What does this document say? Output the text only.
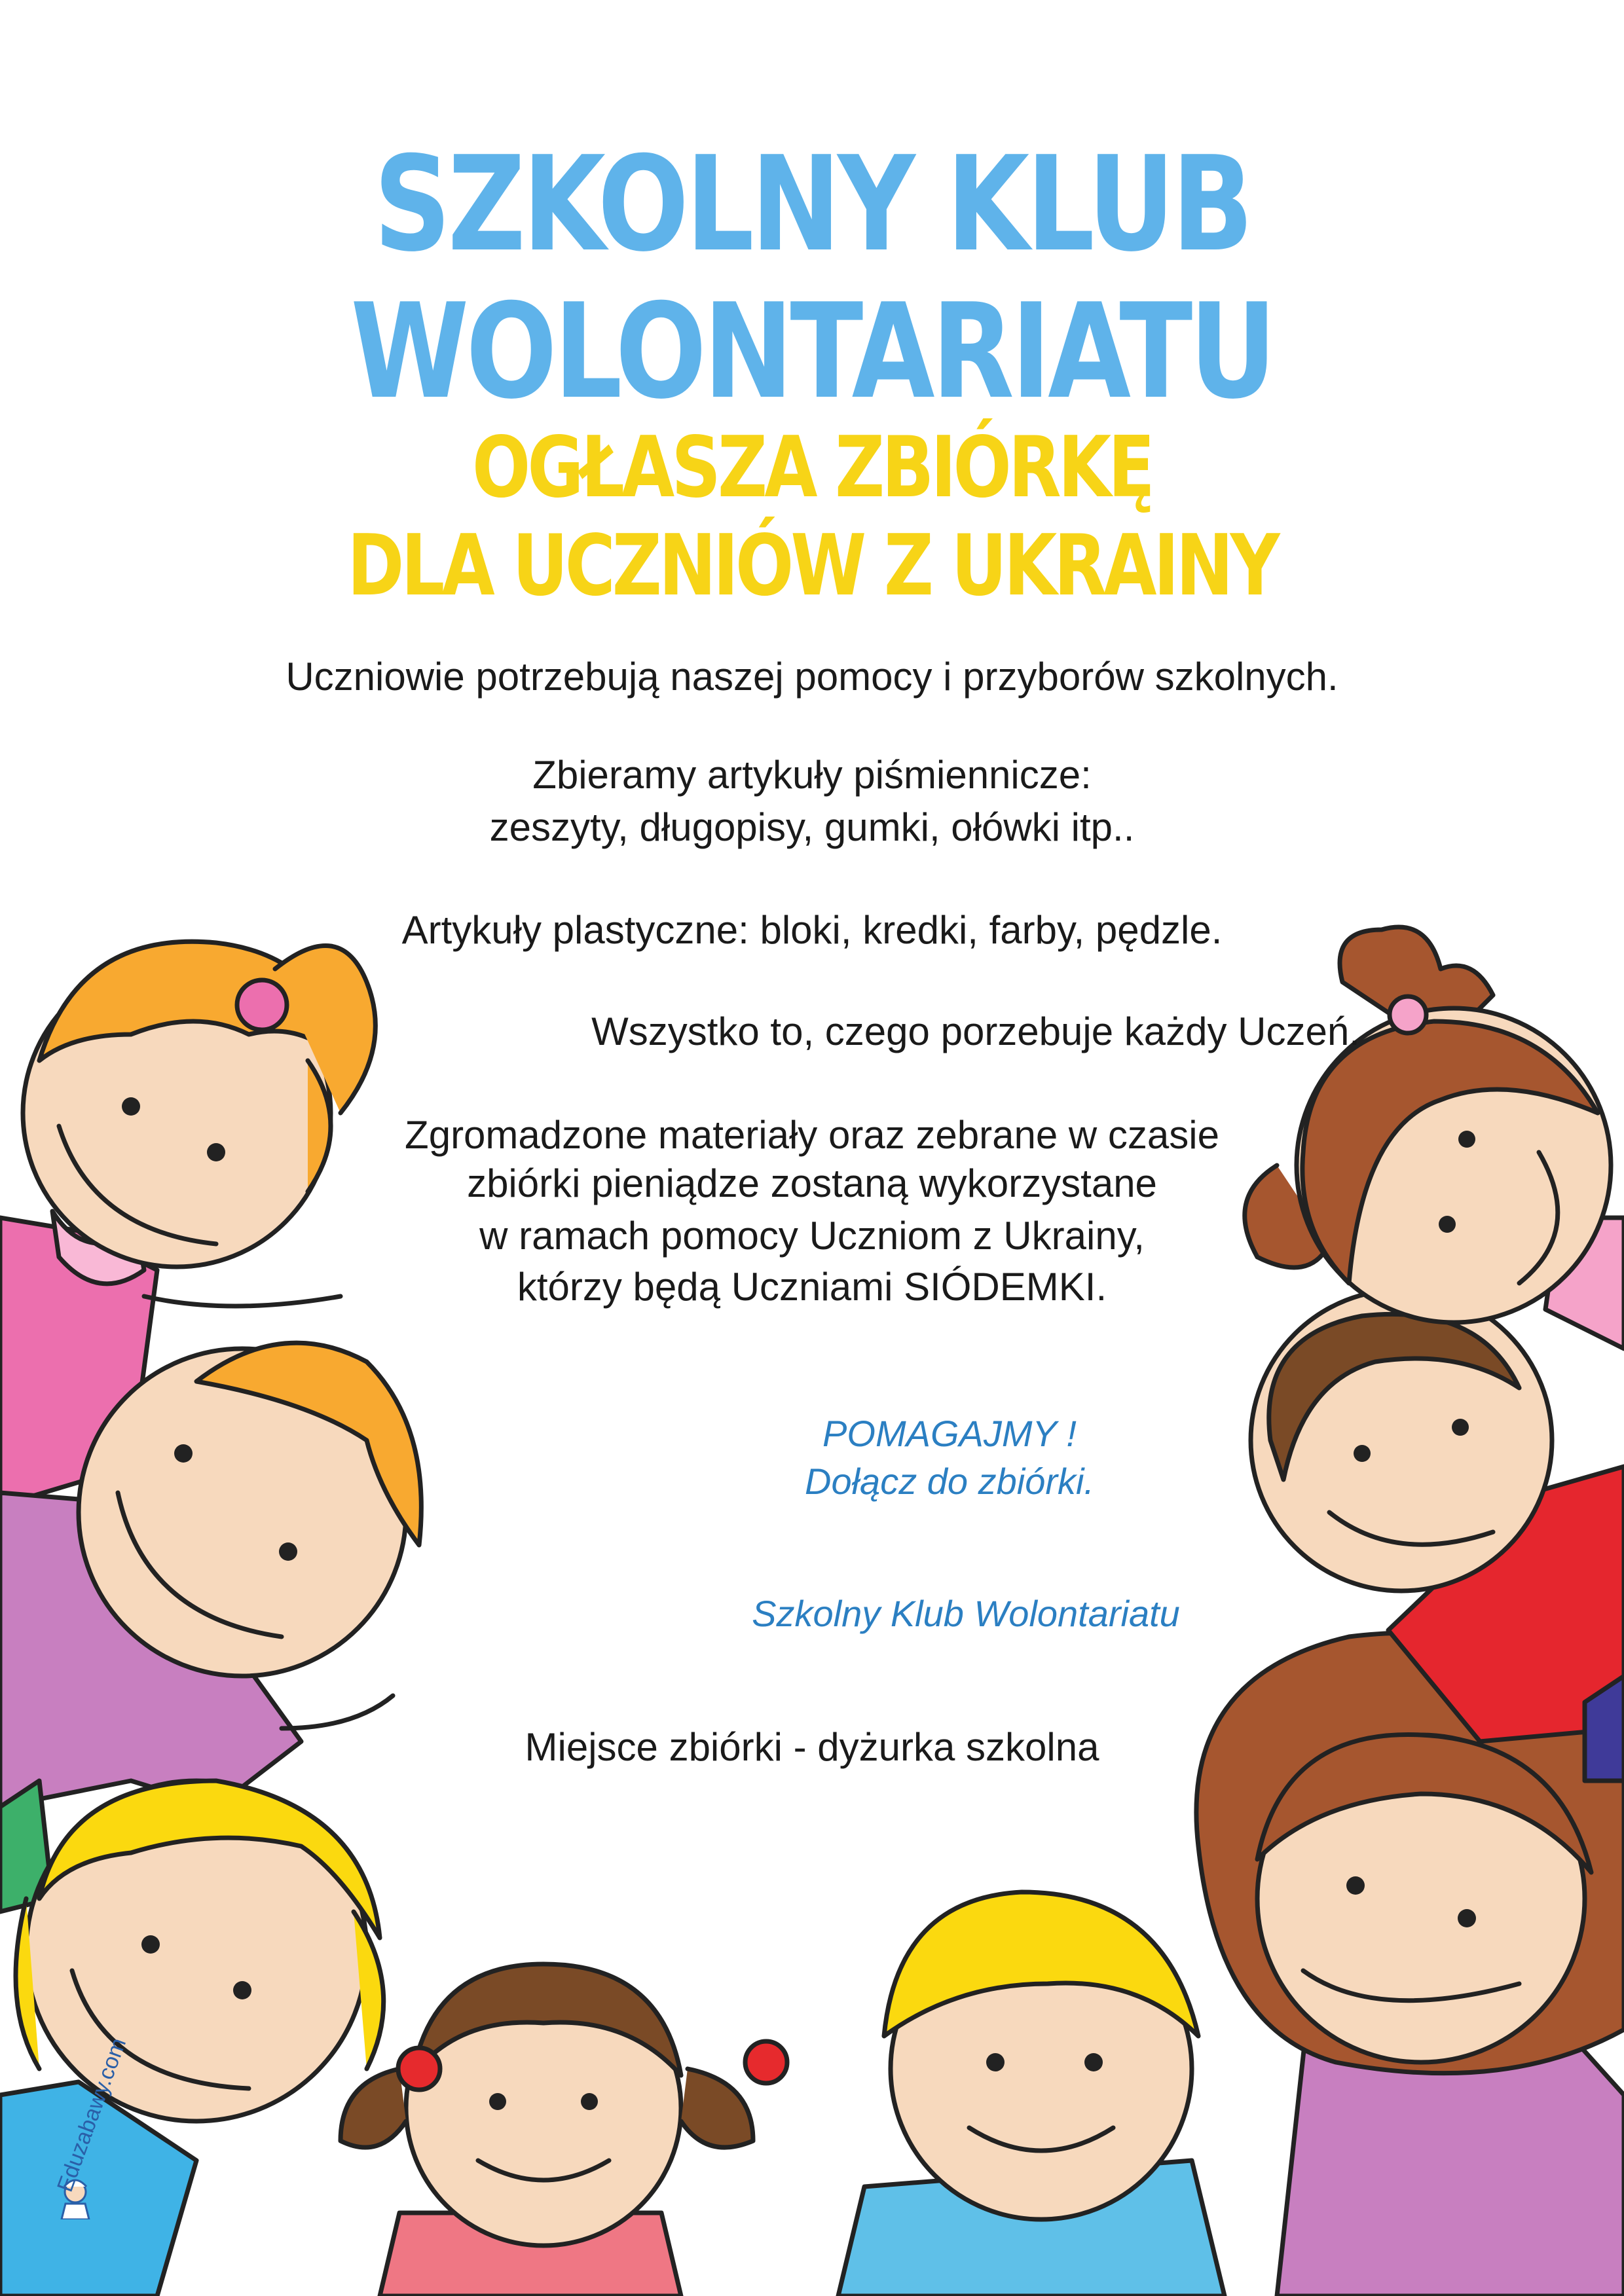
SZKOLNY KLUB
WOLONTARIATU
OGŁASZA ZBIÓRKĘ
DLA UCZNIÓW Z UKRAINY
Uczniowie potrzebują naszej pomocy i przyborów szkolnych.
Zbieramy artykuły piśmiennicze:
zeszyty, długopisy, gumki, ołówki itp..
Artykuły plastyczne: bloki, kredki, farby, pędzle.
Wszystko to, czego porzebuje każdy Uczeń.
Zgromadzone materiały oraz zebrane w czasie
zbiórki pieniądze zostaną wykorzystane
w ramach pomocy Uczniom z Ukrainy,
którzy będą Uczniami SIÓDEMKI.
POMAGAJMY !
Dołącz do zbiórki.
Szkolny Klub Wolontariatu
Miejsce zbiórki - dyżurka szkolna
Eduzabawy.com
